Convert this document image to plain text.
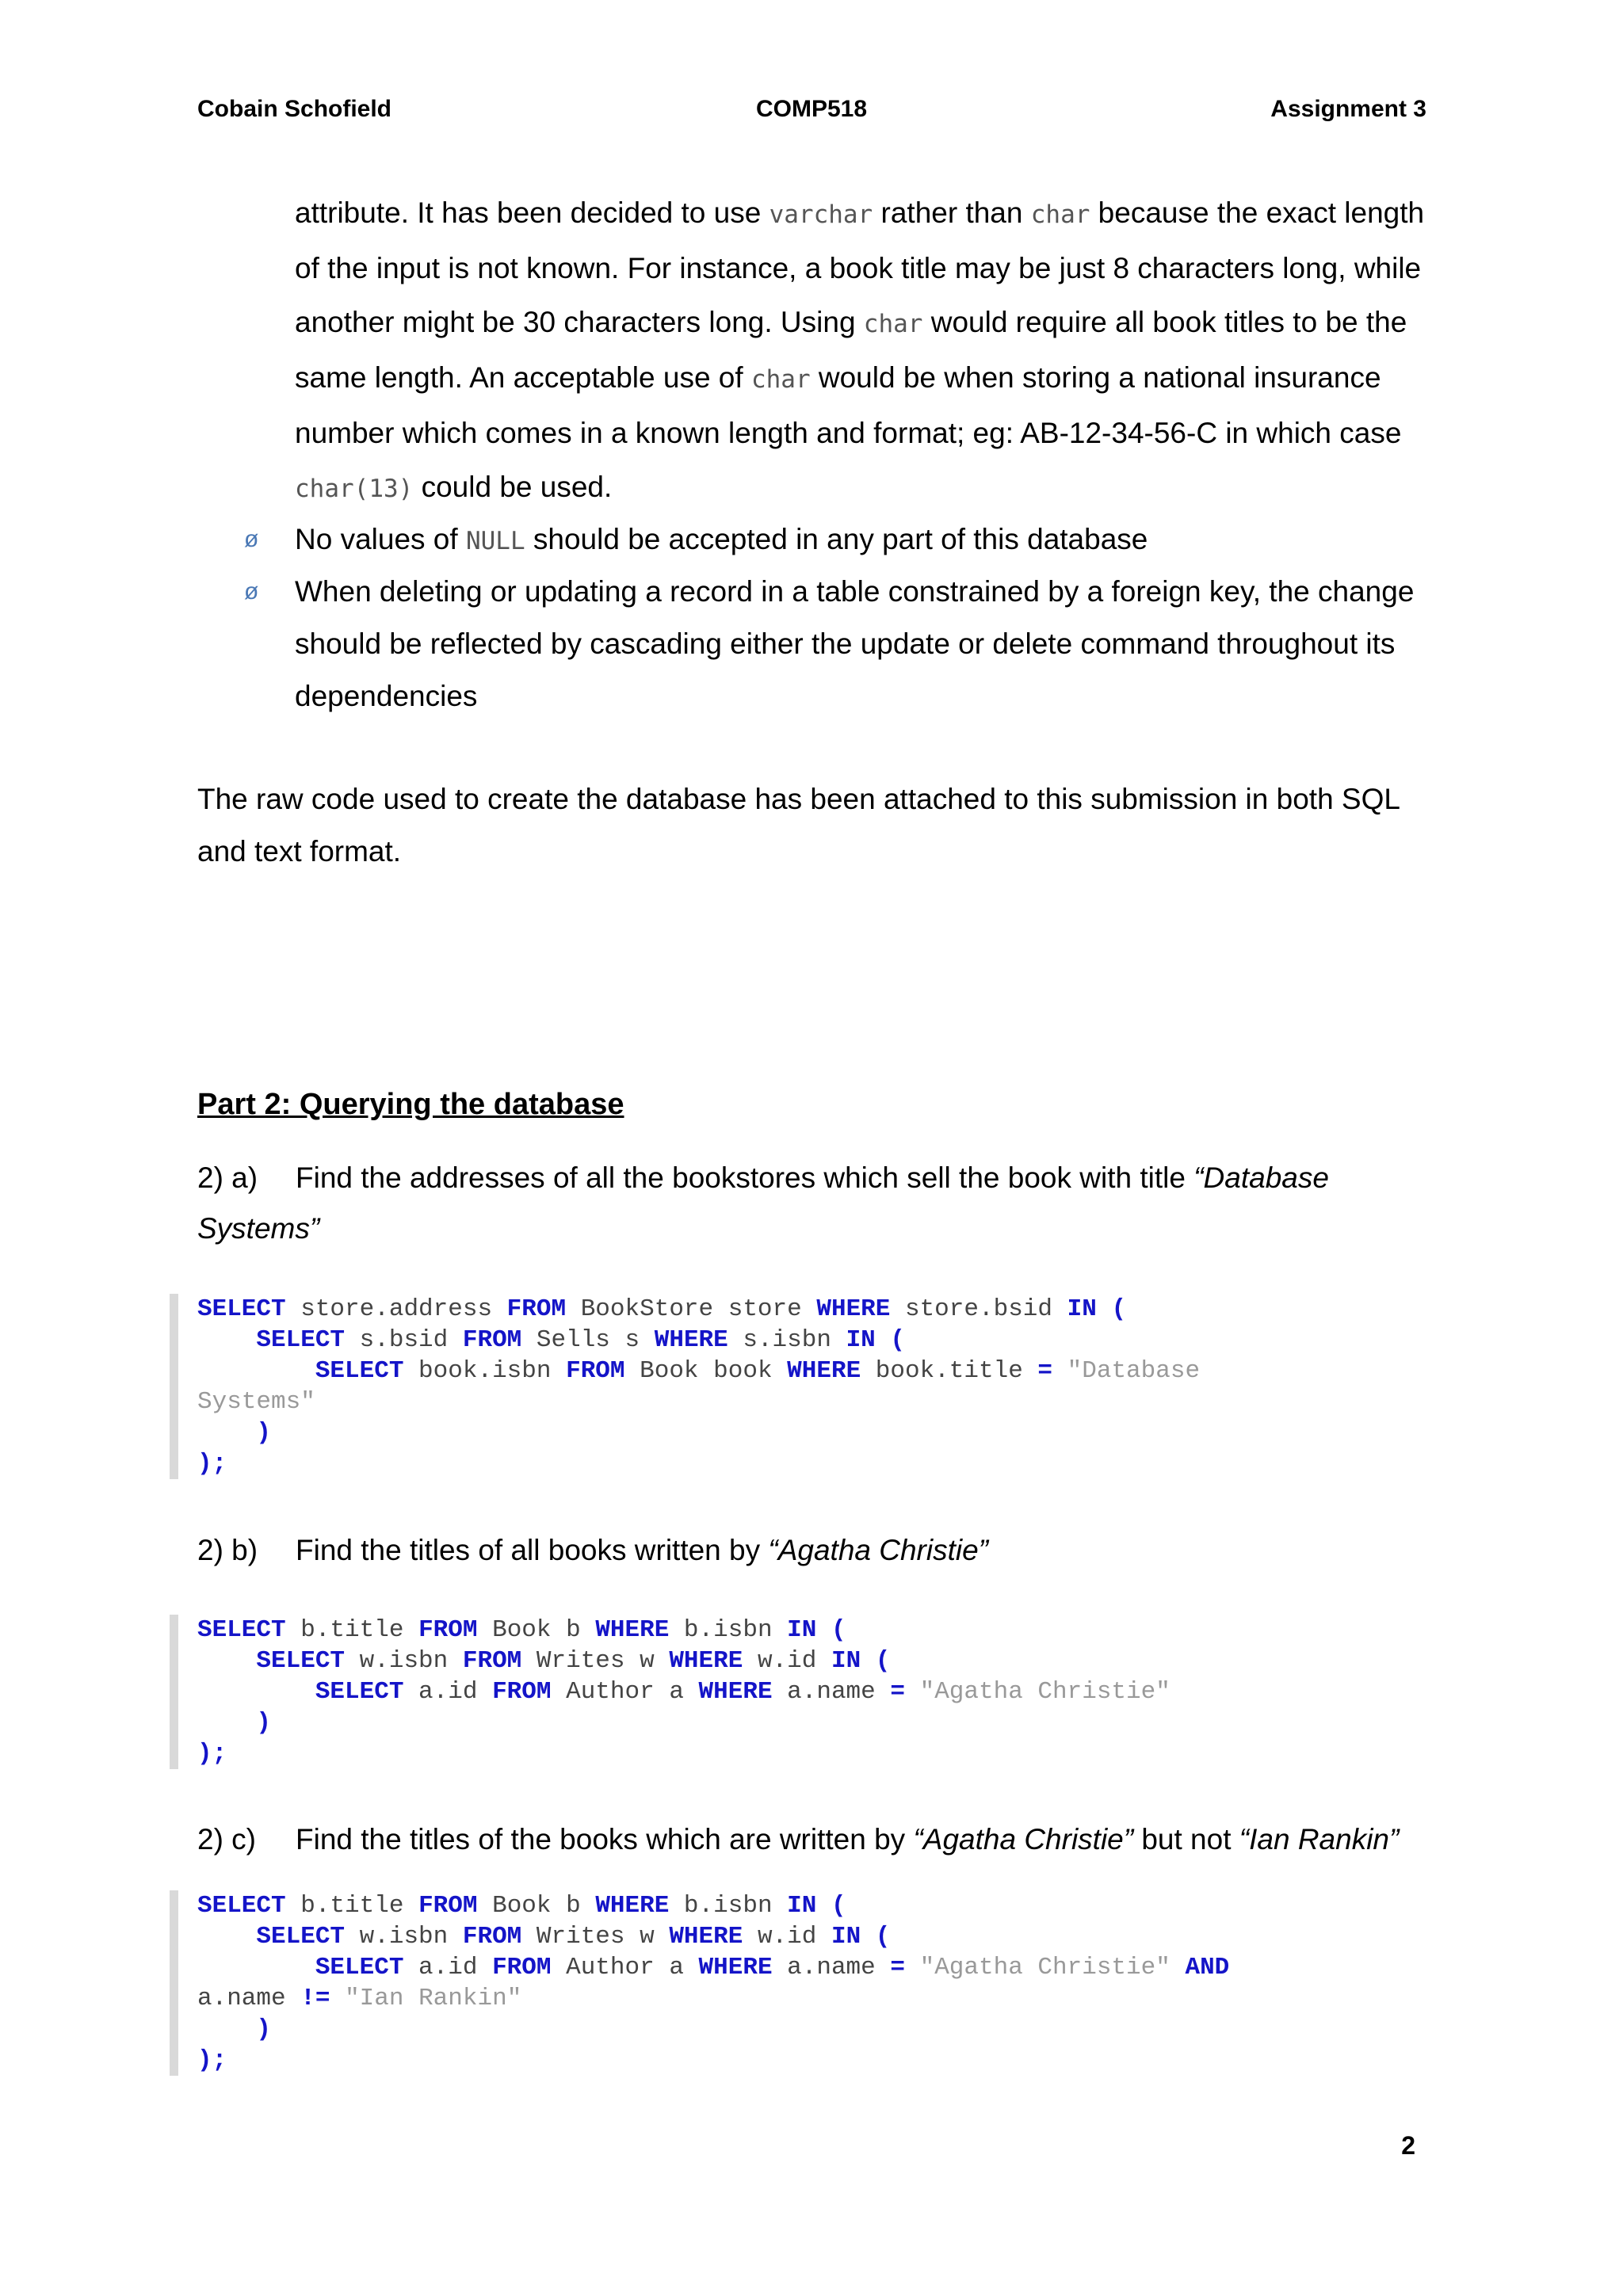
Cobain Schofield	COMP518	Assignment 3
attribute. It has been decided to use varchar rather than char because the exact length of the input is not known. For instance, a book title may be just 8 characters long, while another might be 30 characters long. Using char would require all book titles to be the same length. An acceptable use of char would be when storing a national insurance number which comes in a known length and format; eg: AB-12-34-56-C in which case char(13) could be used.
ø No values of NULL should be accepted in any part of this database
ø When deleting or updating a record in a table constrained by a foreign key, the change should be reflected by cascading either the update or delete command throughout its dependencies
The raw code used to create the database has been attached to this submission in both SQL and text format.
Part 2: Querying the database
2) a) Find the addresses of all the bookstores which sell the book with title “Database Systems”
SELECT store.address FROM BookStore store WHERE store.bsid IN (
SELECT s.bsid FROM Sells s WHERE s.isbn IN (
SELECT book.isbn FROM Book book WHERE book.title = "Database
Systems"
)
);
2) b) Find the titles of all books written by “Agatha Christie”
SELECT b.title FROM Book b WHERE b.isbn IN (
SELECT w.isbn FROM Writes w WHERE w.id IN (
SELECT a.id FROM Author a WHERE a.name = "Agatha Christie"
)
);
2) c) Find the titles of the books which are written by “Agatha Christie” but not “Ian Rankin”
SELECT b.title FROM Book b WHERE b.isbn IN (
SELECT w.isbn FROM Writes w WHERE w.id IN (
SELECT a.id FROM Author a WHERE a.name = "Agatha Christie" AND
a.name != "Ian Rankin"
)
);
2
